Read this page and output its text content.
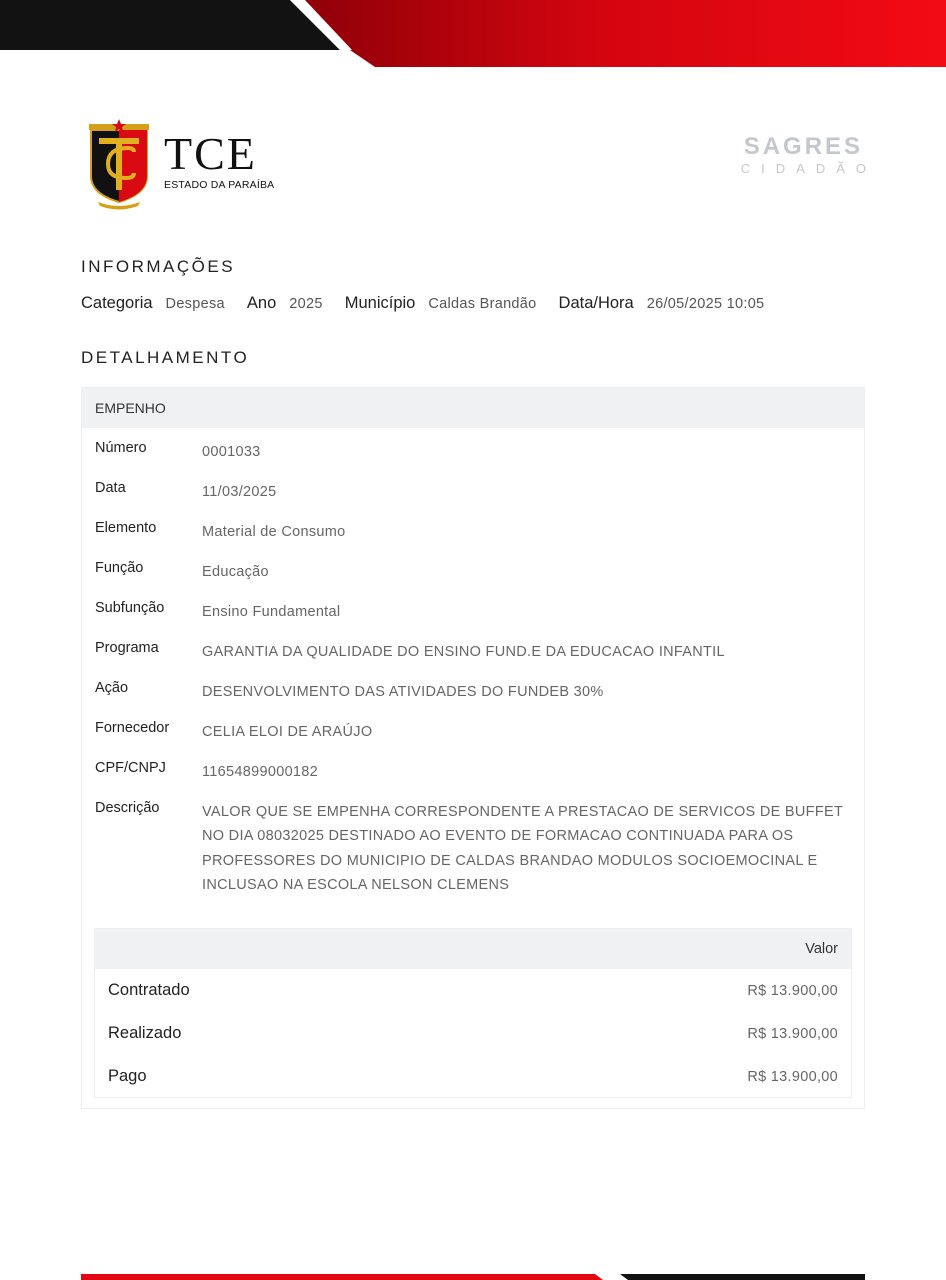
TCE
ESTADO DA PARAÍBA
SAGRES
CIDADÃO
INFORMAÇÕES
Categoria Despesa Ano 2025 Município Caldas Brandão Data/Hora 26/05/2025 10:05
DETALHAMENTO
EMPENHO
Número	0001033
Data	11/03/2025
Elemento	Material de Consumo
Função	Educação
Subfunção	Ensino Fundamental
Programa	GARANTIA DA QUALIDADE DO ENSINO FUND.E DA EDUCACAO INFANTIL
Ação	DESENVOLVIMENTO DAS ATIVIDADES DO FUNDEB 30%
Fornecedor	CELIA ELOI DE ARAÚJO
CPF/CNPJ	11654899000182
Descrição	VALOR QUE SE EMPENHA CORRESPONDENTE A PRESTACAO DE SERVICOS DE BUFFET NO DIA 08032025 DESTINADO AO EVENTO DE FORMACAO CONTINUADA PARA OS PROFESSORES DO MUNICIPIO DE CALDAS BRANDAO MODULOS SOCIOEMOCINAL E INCLUSAO NA ESCOLA NELSON CLEMENS
Valor
Contratado	R$ 13.900,00
Realizado	R$ 13.900,00
Pago	R$ 13.900,00
